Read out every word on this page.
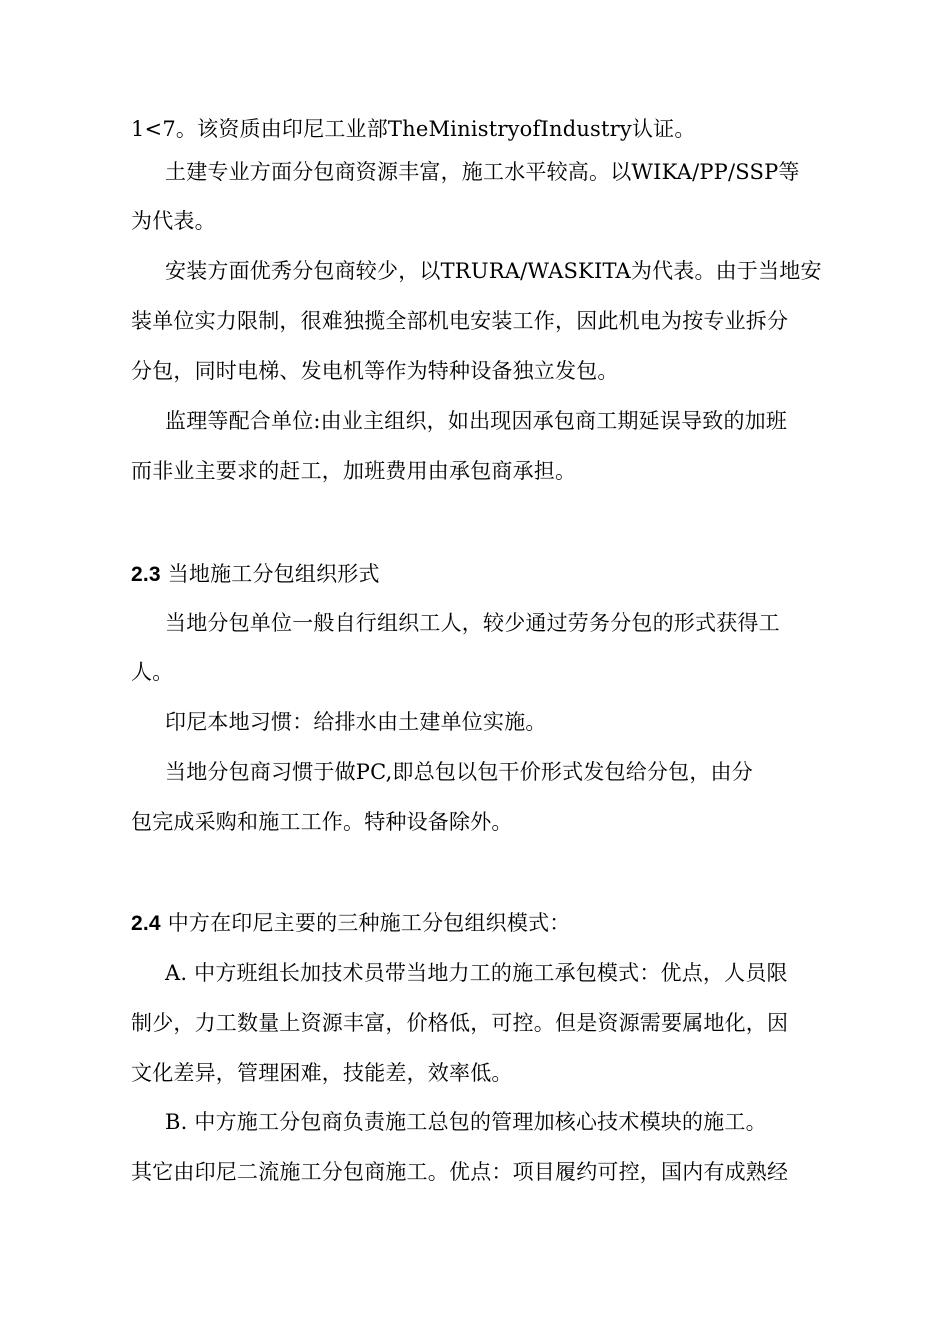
1<7。该资质由印尼工业部TheMinistryofIndustry认证。
土建专业方面分包商资源丰富，施工水平较高。以WIKA/PP/SSP等
为代表。
安装方面优秀分包商较少，以TRURA/WASKITA为代表。由于当地安
装单位实力限制，很难独揽全部机电安装工作，因此机电为按专业拆分
分包，同时电梯、发电机等作为特种设备独立发包。
监理等配合单位:由业主组织，如出现因承包商工期延误导致的加班
而非业主要求的赶工，加班费用由承包商承担。
2.3 当地施工分包组织形式
当地分包单位一般自行组织工人，较少通过劳务分包的形式获得工
人。
印尼本地习惯：给排水由土建单位实施。
当地分包商习惯于做PC,即总包以包干价形式发包给分包，由分
包完成采购和施工工作。特种设备除外。
2.4 中方在印尼主要的三种施工分包组织模式：
A. 中方班组长加技术员带当地力工的施工承包模式：优点，人员限
制少，力工数量上资源丰富，价格低，可控。但是资源需要属地化，因
文化差异，管理困难，技能差，效率低。
B. 中方施工分包商负责施工总包的管理加核心技术模块的施工。
其它由印尼二流施工分包商施工。优点：项目履约可控，国内有成熟经
